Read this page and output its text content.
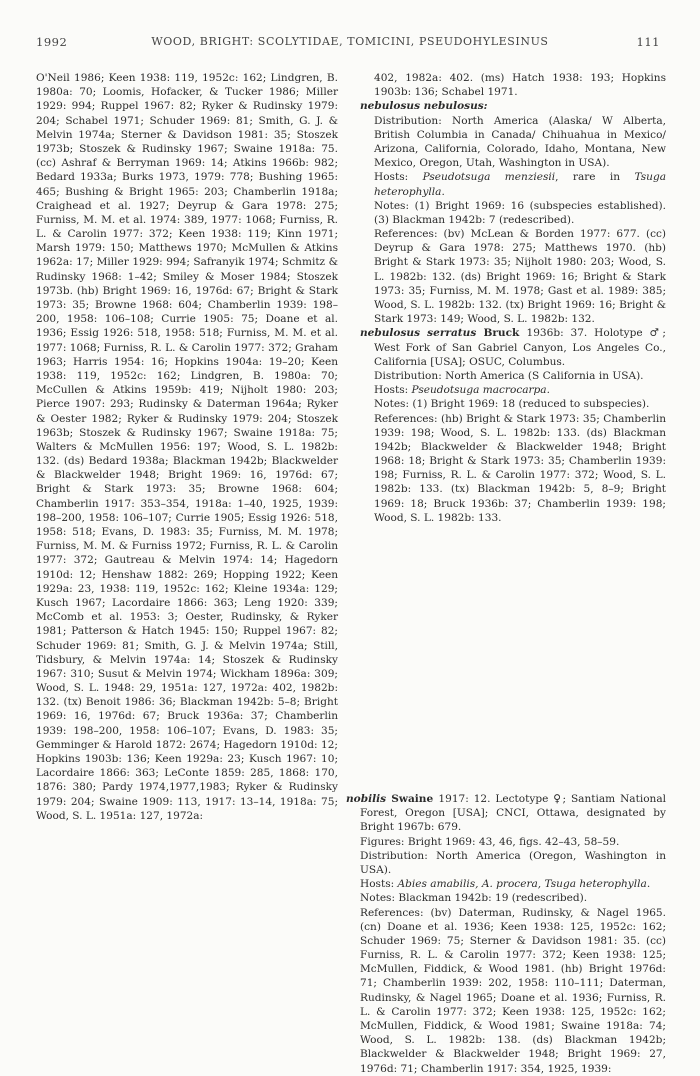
1992	WOOD, BRIGHT: SCOLYTIDAE, TOMICINI, PSEUDOHYLESINUS	111

O'Neil 1986; Keen 1938: 119, 1952c: 162; Lindgren, B. 1980a: 70; Loomis, Hofacker, & Tucker 1986; Miller 1929: 994; Ruppel 1967: 82; Ryker & Rudinsky 1979: 204; Schabel 1971; Schuder 1969: 81; Smith, G. J. & Melvin 1974a; Sterner & Davidson 1981: 35; Stoszek 1973b; Stoszek & Rudinsky 1967; Swaine 1918a: 75. (cc) Ashraf & Berryman 1969: 14; Atkins 1966b: 982; Bedard 1933a; Burks 1973, 1979: 778; Bushing 1965: 465; Bushing & Bright 1965: 203; Chamberlin 1918a; Craighead et al. 1927; Deyrup & Gara 1978: 275; Furniss, M. M. et al. 1974: 389, 1977: 1068; Furniss, R. L. & Carolin 1977: 372; Keen 1938: 119; Kinn 1971; Marsh 1979: 150; Matthews 1970; McMullen & Atkins 1962a: 17; Miller 1929: 994; Safranyik 1974; Schmitz & Rudinsky 1968: 1–42; Smiley & Moser 1984; Stoszek 1973b. (hb) Bright 1969: 16, 1976d: 67; Bright & Stark 1973: 35; Browne 1968: 604; Chamberlin 1939: 198–200, 1958: 106–108; Currie 1905: 75; Doane et al. 1936; Essig 1926: 518, 1958: 518; Furniss, M. M. et al. 1977: 1068; Furniss, R. L. & Carolin 1977: 372; Graham 1963; Harris 1954: 16; Hopkins 1904a: 19–20; Keen 1938: 119, 1952c: 162; Lindgren, B. 1980a: 70; McCullen & Atkins 1959b: 419; Nijholt 1980: 203; Pierce 1907: 293; Rudinsky & Daterman 1964a; Ryker & Oester 1982; Ryker & Rudinsky 1979: 204; Stoszek 1963b; Stoszek & Rudinsky 1967; Swaine 1918a: 75; Walters & McMullen 1956: 197; Wood, S. L. 1982b: 132. (ds) Bedard 1938a; Blackman 1942b; Blackwelder & Blackwelder 1948; Bright 1969: 16, 1976d: 67; Bright & Stark 1973: 35; Browne 1968: 604; Chamberlin 1917: 353–354, 1918a: 1–40, 1925, 1939: 198–200, 1958: 106–107; Currie 1905; Essig 1926: 518, 1958: 518; Evans, D. 1983: 35; Furniss, M. M. 1978; Furniss, M. M. & Furniss 1972; Furniss, R. L. & Carolin 1977: 372; Gautreau & Melvin 1974: 14; Hagedorn 1910d: 12; Henshaw 1882: 269; Hopping 1922; Keen 1929a: 23, 1938: 119, 1952c: 162; Kleine 1934a: 129; Kusch 1967; Lacordaire 1866: 363; Leng 1920: 339; McComb et al. 1953: 3; Oester, Rudinsky, & Ryker 1981; Patterson & Hatch 1945: 150; Ruppel 1967: 82; Schuder 1969: 81; Smith, G. J. & Melvin 1974a; Still, Tidsbury, & Melvin 1974a: 14; Stoszek & Rudinsky 1967: 310; Susut & Melvin 1974; Wickham 1896a: 309; Wood, S. L. 1948: 29, 1951a: 127, 1972a: 402, 1982b: 132. (tx) Benoit 1986: 36; Blackman 1942b: 5–8; Bright 1969: 16, 1976d: 67; Bruck 1936a: 37; Chamberlin 1939: 198–200, 1958: 106–107; Evans, D. 1983: 35; Gemminger & Harold 1872: 2674; Hagedorn 1910d: 12; Hopkins 1903b: 136; Keen 1929a: 23; Kusch 1967: 10; Lacordaire 1866: 363; LeConte 1859: 285, 1868: 170, 1876: 380; Pardy 1974,1977,1983; Ryker & Rudinsky 1979: 204; Swaine 1909: 113, 1917: 13–14, 1918a: 75; Wood, S. L. 1951a: 127, 1972a:

402, 1982a: 402. (ms) Hatch 1938: 193; Hopkins 1903b: 136; Schabel 1971.

nebulosus nebulosus:

Distribution: North America (Alaska/ W Alberta, British Columbia in Canada/ Chihuahua in Mexico/ Arizona, California, Colorado, Idaho, Montana, New Mexico, Oregon, Utah, Washington in USA).

Hosts: Pseudotsuga menziesii, rare in Tsuga heterophylla.

Notes: (1) Bright 1969: 16 (subspecies established). (3) Blackman 1942b: 7 (redescribed).

References: (bv) McLean & Borden 1977: 677. (cc) Deyrup & Gara 1978: 275; Matthews 1970. (hb) Bright & Stark 1973: 35; Nijholt 1980: 203; Wood, S. L. 1982b: 132. (ds) Bright 1969: 16; Bright & Stark 1973: 35; Furniss, M. M. 1978; Gast et al. 1989: 385; Wood, S. L. 1982b: 132. (tx) Bright 1969: 16; Bright & Stark 1973: 149; Wood, S. L. 1982b: 132.

nebulosus serratus Bruck 1936b: 37. Holotype ♂; West Fork of San Gabriel Canyon, Los Angeles Co., California [USA]; OSUC, Columbus.

Distribution: North America (S California in USA).

Hosts: Pseudotsuga macrocarpa.

Notes: (1) Bright 1969: 18 (reduced to subspecies).

References: (hb) Bright & Stark 1973: 35; Chamberlin 1939: 198; Wood, S. L. 1982b: 133. (ds) Blackman 1942b; Blackwelder & Blackwelder 1948; Bright 1968: 18; Bright & Stark 1973: 35; Chamberlin 1939: 198; Furniss, R. L. & Carolin 1977: 372; Wood, S. L. 1982b: 133. (tx) Blackman 1942b: 5, 8–9; Bright 1969: 18; Bruck 1936b: 37; Chamberlin 1939: 198; Wood, S. L. 1982b: 133.

nobilis Swaine 1917: 12. Lectotype ♀; Santiam National Forest, Oregon [USA]; CNCI, Ottawa, designated by Bright 1967b: 679.

Figures: Bright 1969: 43, 46, figs. 42–43, 58–59.

Distribution: North America (Oregon, Washington in USA).

Hosts: Abies amabilis, A. procera, Tsuga heterophylla.

Notes: Blackman 1942b: 19 (redescribed).

References: (bv) Daterman, Rudinsky, & Nagel 1965. (cn) Doane et al. 1936; Keen 1938: 125, 1952c: 162; Schuder 1969: 75; Sterner & Davidson 1981: 35. (cc) Furniss, R. L. & Carolin 1977: 372; Keen 1938: 125; McMullen, Fiddick, & Wood 1981. (hb) Bright 1976d: 71; Chamberlin 1939: 202, 1958: 110–111; Daterman, Rudinsky, & Nagel 1965; Doane et al. 1936; Furniss, R. L. & Carolin 1977: 372; Keen 1938: 125, 1952c: 162; McMullen, Fiddick, & Wood 1981; Swaine 1918a: 74; Wood, S. L. 1982b: 138. (ds) Blackman 1942b; Blackwelder & Blackwelder 1948; Bright 1969: 27, 1976d: 71; Chamberlin 1917: 354, 1925, 1939:
